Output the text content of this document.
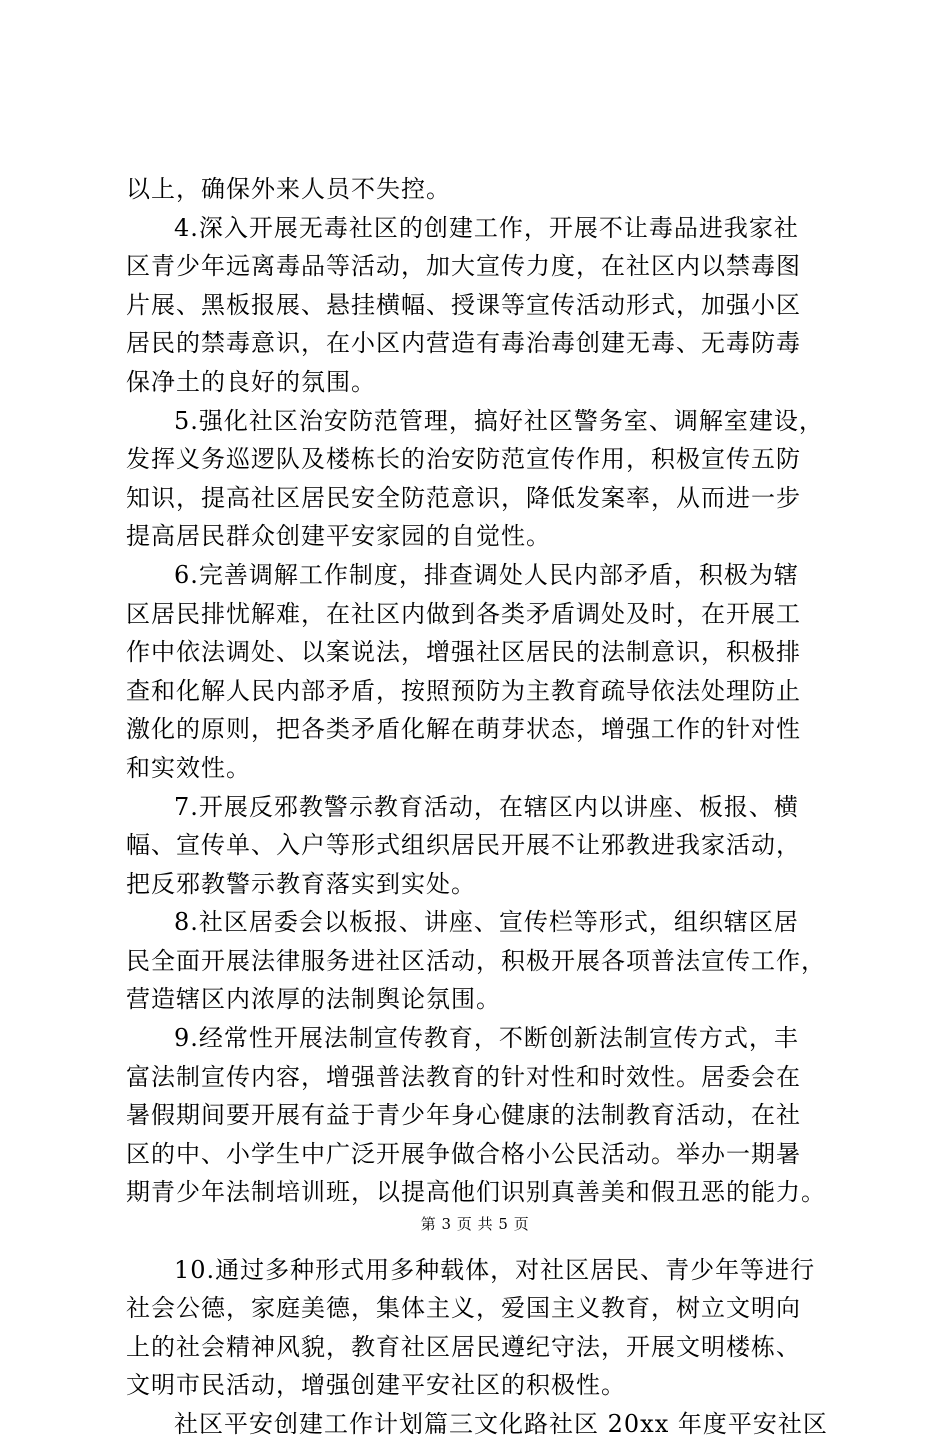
以上，确保外来人员不失控。
4.深入开展无毒社区的创建工作，开展不让毒品进我家社
区青少年远离毒品等活动，加大宣传力度，在社区内以禁毒图
片展、黑板报展、悬挂横幅、授课等宣传活动形式，加强小区
居民的禁毒意识，在小区内营造有毒治毒创建无毒、无毒防毒
保净土的良好的氛围。
5.强化社区治安防范管理，搞好社区警务室、调解室建设，
发挥义务巡逻队及楼栋长的治安防范宣传作用，积极宣传五防
知识，提高社区居民安全防范意识，降低发案率，从而进一步
提高居民群众创建平安家园的自觉性。
6.完善调解工作制度，排查调处人民内部矛盾，积极为辖
区居民排忧解难，在社区内做到各类矛盾调处及时，在开展工
作中依法调处、以案说法，增强社区居民的法制意识，积极排
查和化解人民内部矛盾，按照预防为主教育疏导依法处理防止
激化的原则，把各类矛盾化解在萌芽状态，增强工作的针对性
和实效性。
7.开展反邪教警示教育活动，在辖区内以讲座、板报、横
幅、宣传单、入户等形式组织居民开展不让邪教进我家活动，
把反邪教警示教育落实到实处。
8.社区居委会以板报、讲座、宣传栏等形式，组织辖区居
民全面开展法律服务进社区活动，积极开展各项普法宣传工作，
营造辖区内浓厚的法制舆论氛围。
9.经常性开展法制宣传教育，不断创新法制宣传方式，丰
富法制宣传内容，增强普法教育的针对性和时效性。居委会在
暑假期间要开展有益于青少年身心健康的法制教育活动，在社
区的中、小学生中广泛开展争做合格小公民活动。举办一期暑
期青少年法制培训班，以提高他们识别真善美和假丑恶的能力。
10.通过多种形式用多种载体，对社区居民、青少年等进行
社会公德，家庭美德，集体主义，爱国主义教育，树立文明向
上的社会精神风貌，教育社区居民遵纪守法，开展文明楼栋、
文明市民活动，增强创建平安社区的积极性。
社区平安创建工作计划篇三文化路社区 20xx 年度平安社区
第 3 页 共 5 页
